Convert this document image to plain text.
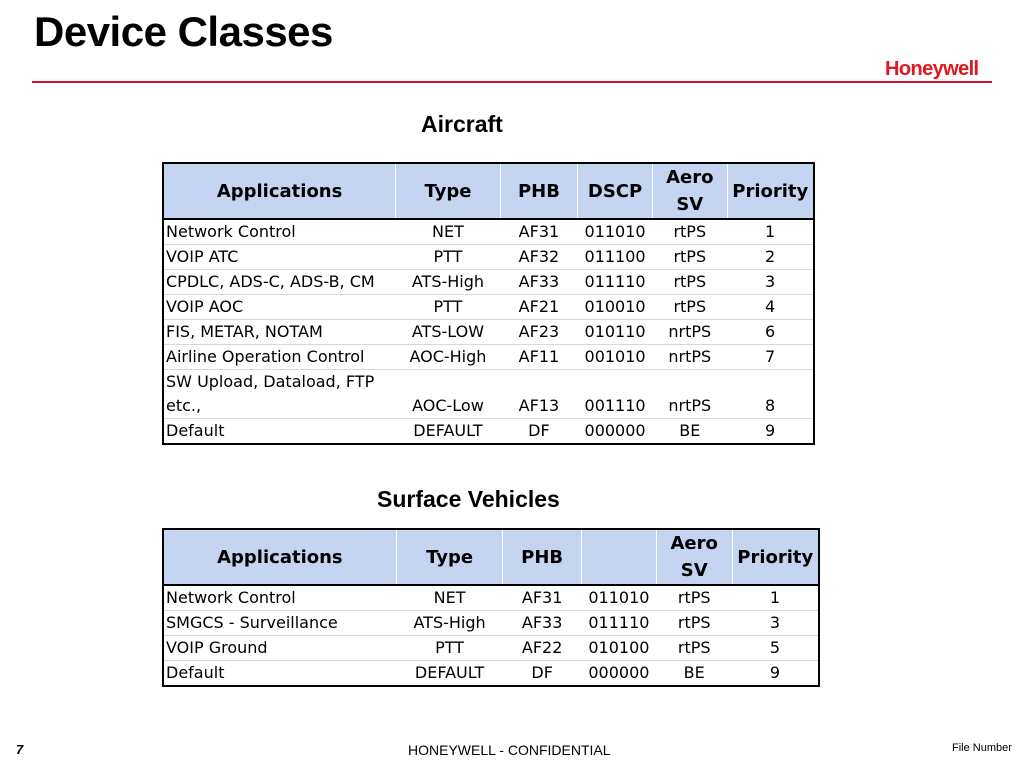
Device Classes
Honeywell
Aircraft
Applications	Type	PHB	DSCP	Aero SV	Priority
Network Control	NET	AF31	011010	rtPS	1
VOIP ATC	PTT	AF32	011100	rtPS	2
CPDLC, ADS-C, ADS-B, CM	ATS-High	AF33	011110	rtPS	3
VOIP AOC	PTT	AF21	010010	rtPS	4
FIS, METAR, NOTAM	ATS-LOW	AF23	010110	nrtPS	6
Airline Operation Control	AOC-High	AF11	001010	nrtPS	7
SW Upload, Dataload, FTP etc.,	AOC-Low	AF13	001110	nrtPS	8
Default	DEFAULT	DF	000000	BE	9
Surface Vehicles
Applications	Type	PHB		Aero SV	Priority
Network Control	NET	AF31	011010	rtPS	1
SMGCS - Surveillance	ATS-High	AF33	011110	rtPS	3
VOIP Ground	PTT	AF22	010100	rtPS	5
Default	DEFAULT	DF	000000	BE	9
7	HONEYWELL - CONFIDENTIAL	File Number
